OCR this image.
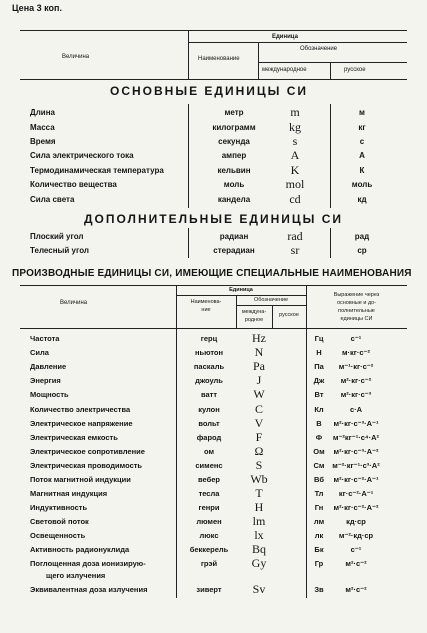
Цена 3 коп.
Величина
Единица
Наименование
Обозначение
международное	русское
ОСНОВНЫЕ ЕДИНИЦЫ СИ
Длина	метр	m	м
Масса	килограмм	kg	кг
Время	секунда	s	с
Сила электрического тока	ампер	A	А
Термодинамическая температура	кельвин	K	К
Количество вещества	моль	mol	моль
Сила света	кандела	cd	кд
ДОПОЛНИТЕЛЬНЫЕ ЕДИНИЦЫ СИ
Плоский угол	радиан	rad	рад
Телесный угол	стерадиан	sr	ср
ПРОИЗВОДНЫЕ ЕДИНИЦЫ СИ, ИМЕЮЩИЕ СПЕЦИАЛЬНЫЕ НАИМЕНОВАНИЯ
Величина
Единица
Наименова-
ние
Обозначение
междуна-
родное
русское
Выражение через
основные и до-
полнительные
единицы СИ
Частота	герц	Hz	Гц	с⁻¹
Сила	ньютон	N	Н	м·кг·с⁻²
Давление	паскаль	Pa	Па	м⁻¹·кг·с⁻²
Энергия	джоуль	J	Дж	м²·кг·с⁻²
Мощность	ватт	W	Вт	м²·кг·с⁻³
Количество электричества	кулон	C	Кл	с·А
Электрическое напряжение	вольт	V	В	м²·кг·с⁻³·А⁻¹
Электрическая емкость	фарод	F	Ф	м⁻²кг⁻¹·с⁴·А²
Электрическое сопротивление	ом	Ω	Ом	м²·кг·с⁻³·А⁻²
Электрическая проводимость	сименс	S	См	м⁻²·кг⁻¹·с³·А²
Поток магнитной индукции	вебер	Wb	Вб	м²·кг·с⁻²·А⁻¹
Магнитная индукция	тесла	T	Тл	кг·с⁻²·А⁻¹
Индуктивность	генри	H	Гн	м²·кг·с⁻²·А⁻²
Световой поток	люмен	lm	лм	кд·ср
Освещенность	люкс	lx	лк	м⁻²·кд·ср
Активность радионуклида	беккерель	Bq	Бк	с⁻¹
Поглощенная доза ионизирую-	грэй	Gy	Гр	м²·с⁻²
щего излучения
Эквивалентная доза излучения	зиверт	Sv	Зв	м²·с⁻²
